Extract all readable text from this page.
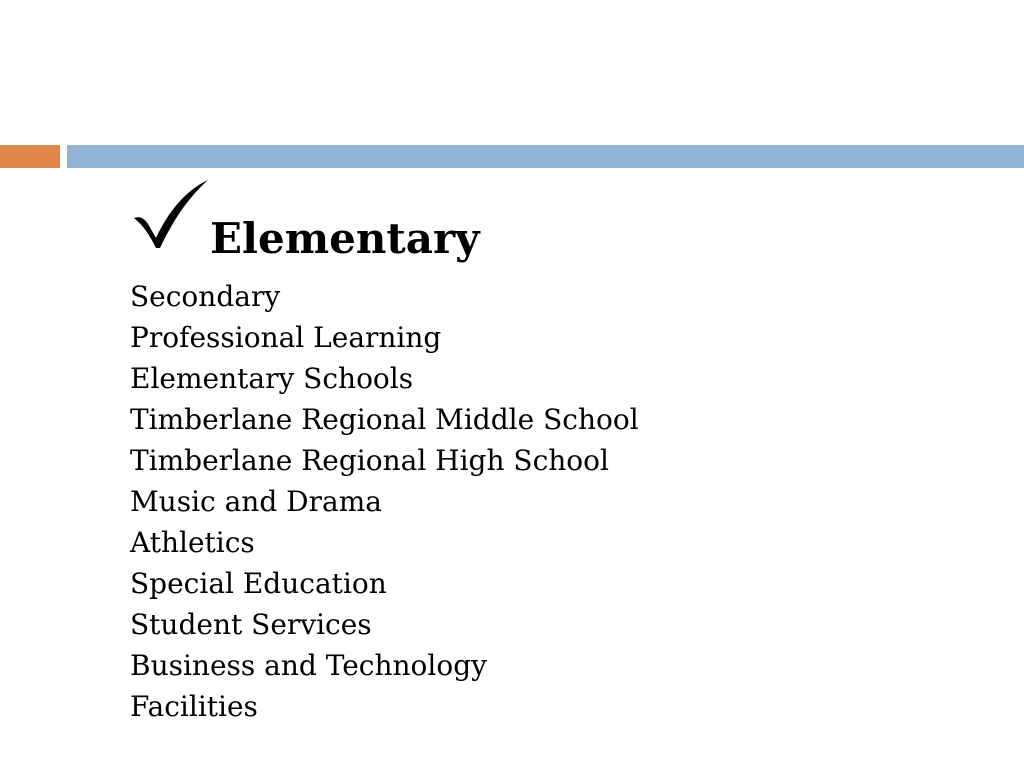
Elementary
Secondary
Professional Learning
Elementary Schools
Timberlane Regional Middle School
Timberlane Regional High School
Music and Drama
Athletics
Special Education
Student Services
Business and Technology
Facilities
